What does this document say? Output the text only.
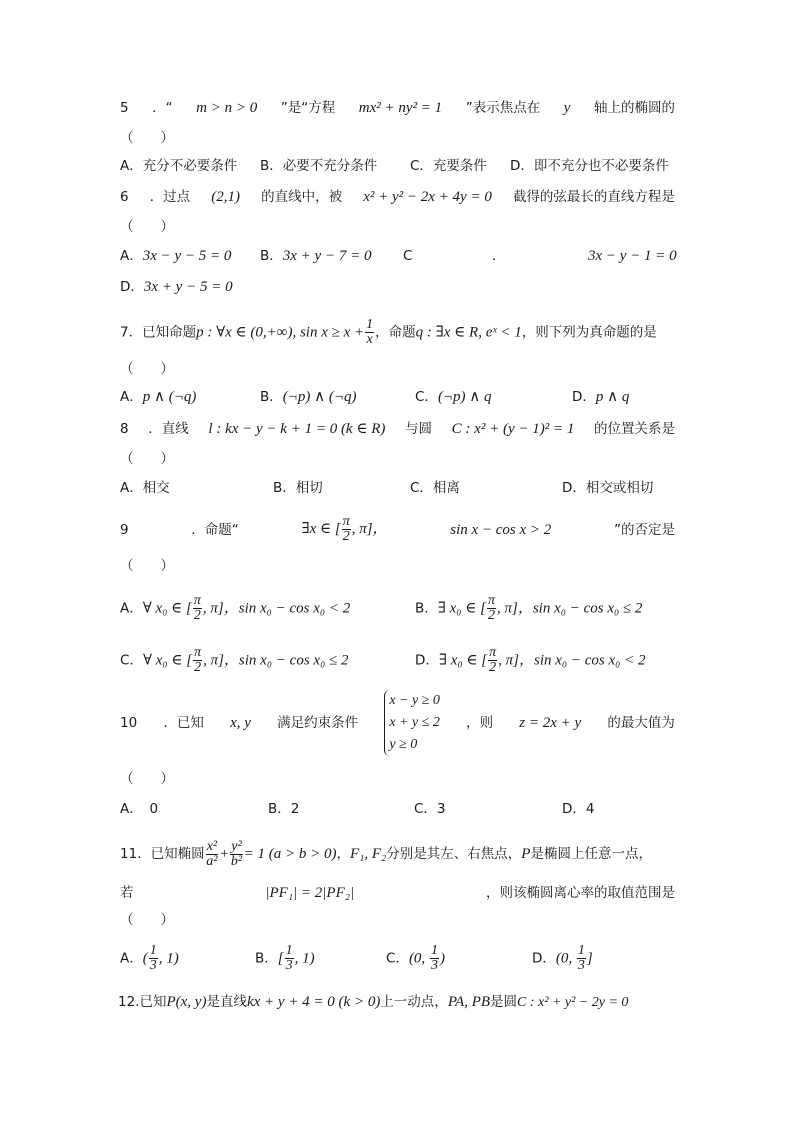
5 ．“ m > n > 0 ”是“方程 mx² + ny² = 1 ”表示焦点在 y 轴上的椭圆的
（　　）
A．充分不必要条件	B．必要不充分条件	C．充要条件	D．即不充分也不必要条件
6 ．过点 (2,1) 的直线中，被 x² + y² − 2x + 4y = 0 截得的弦最长的直线方程是
（　　）
A．3x − y − 5 = 0 B．3x + y − 7 = 0 C	．	3x − y − 1 = 0
D．3x + y − 5 = 0
7．已知命题p : ∀x ∈ (0,+∞), $\sin x \ge x + \frac{1}{x}$ ，命题q : ∃x ∈ R, eˣ < 1，则下列为真命题的是
（　　）
A．p ∧ (¬q)	B．(¬p) ∧ (¬q)	C．(¬p) ∧ q	D．p ∧ q
8 ．直线 l : kx − y − k + 1 = 0 (k ∈ R) 与圆 C : x² + (y − 1)² = 1 的位置关系是
（　　）
A．相交	B．相切	C．相离	D．相交或相切
9	．命题“	∃x ∈ [ $\frac{\pi}{2}$ , π]，	sin x − cos x > 2	”的否定是
（　　）
A．∀ x₀ ∈ [ $\frac{\pi}{2}$ , π]，sin x₀ − cos x₀ < 2	B．∃ x₀ ∈ [ $\frac{\pi}{2}$ , π]，sin x₀ − cos x₀ ≤ 2
C．∀ x₀ ∈ [ $\frac{\pi}{2}$ , π]，sin x₀ − cos x₀ ≤ 2	D．∃ x₀ ∈ [ $\frac{\pi}{2}$ , π]，sin x₀ − cos x₀ < 2
10 ．已知 x, y 满足约束条件
x − y ≥ 0
x + y ≤ 2
y ≥ 0
，则 z = 2x + y 的最大值为
（　　）
A．　0	B．2	C．3	D．4
11 ．已知椭圆 $\frac{\text{x²}}{\text{a²}} + \frac{\text{y²}}{\text{b²}} = 1$ (a > b > 0) ， F₁, F₂ 分别是其左、右焦点， P 是椭圆上任意一点，
若	|PF₁| = 2|PF₂|	，则该椭圆离心率的取值范围是
（　　）
A．( $\frac{1}{3}$ , 1)	B．[ $\frac{1}{3}$ , 1)	C．(0, $\frac{1}{3}$ )	D．(0, $\frac{1}{3}$ ]
12.已知P(x, y)是直线kx + y + 4 = 0 (k > 0)上一动点，PA, PB是圆C : x² + y² − 2y = 0
